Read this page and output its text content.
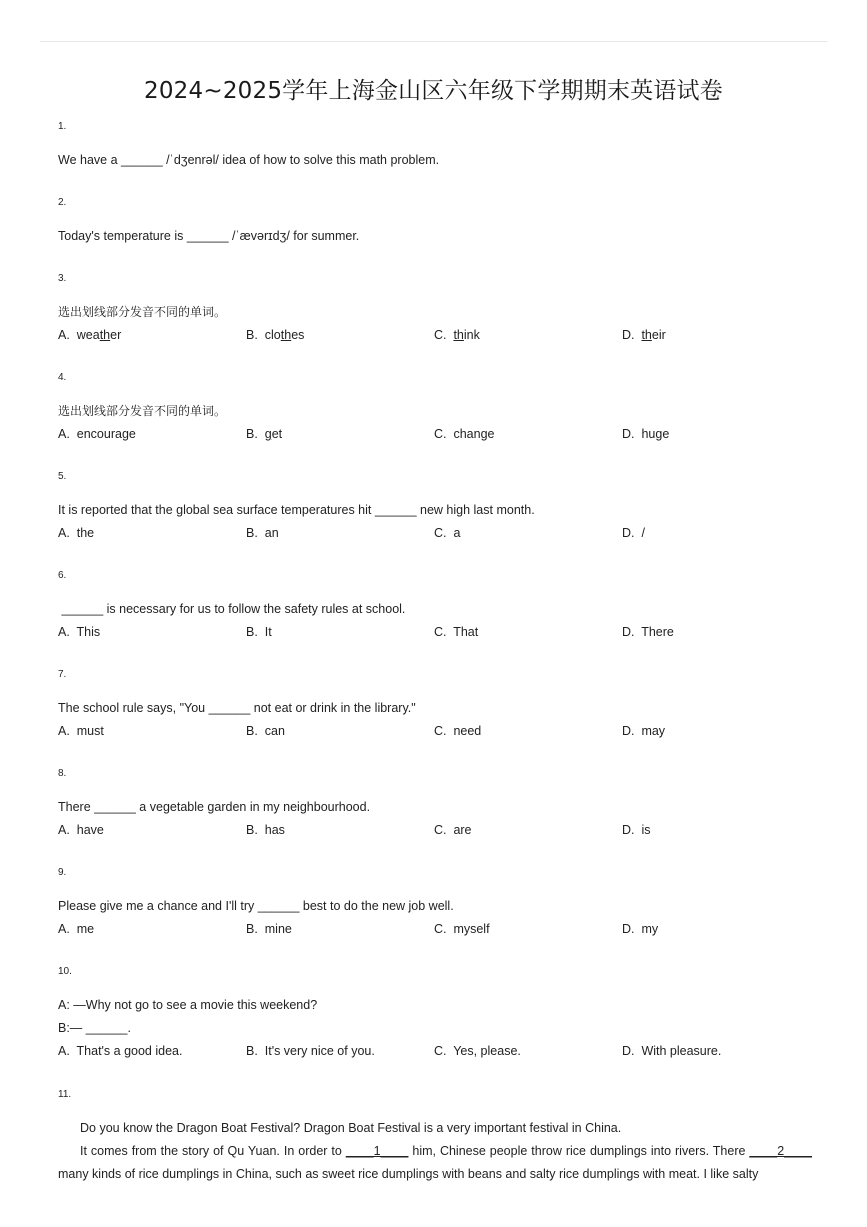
2024~2025学年上海金山区六年级下学期期末英语试卷
1.
We have a ______ /ˈdʒenrəl/ idea of how to solve this math problem.
2.
Today's temperature is ______ /ˈævərɪdʒ/ for summer.
3.
选出划线部分发音不同的单词。
A. weather	B. clothes	C. think	D. their
4.
选出划线部分发音不同的单词。
A. encourage	B. get	C. change	D. huge
5.
It is reported that the global sea surface temperatures hit ______ new high last month.
A.  the	B.  an	C.  a	D.  /
6.
______ is necessary for us to follow the safety rules at school.
A.  This	B.  It	C.  That	D.  There
7.
The school rule says, "You ______ not eat or drink in the library."
A.  must	B.  can	C.  need	D.  may
8.
There ______ a vegetable garden in my neighbourhood.
A.  have	B.  has	C.  are	D.  is
9.
Please give me a chance and I'll try ______ best to do the new job well.
A.  me	B.  mine	C.  myself	D.  my
10.
A: —Why not go to see a movie this weekend?
B:— ______.
A.  That's a good idea.	B.  It's very nice of you.	C.  Yes, please.	D.  With pleasure.
11.
Do you know the Dragon Boat Festival? Dragon Boat Festival is a very important festival in China.
It comes from the story of Qu Yuan. In order to ____1____ him, Chinese people throw rice dumplings into rivers. There ____2____ many kinds of rice dumplings in China, such as sweet rice dumplings with beans and salty rice dumplings with meat. I like salty
